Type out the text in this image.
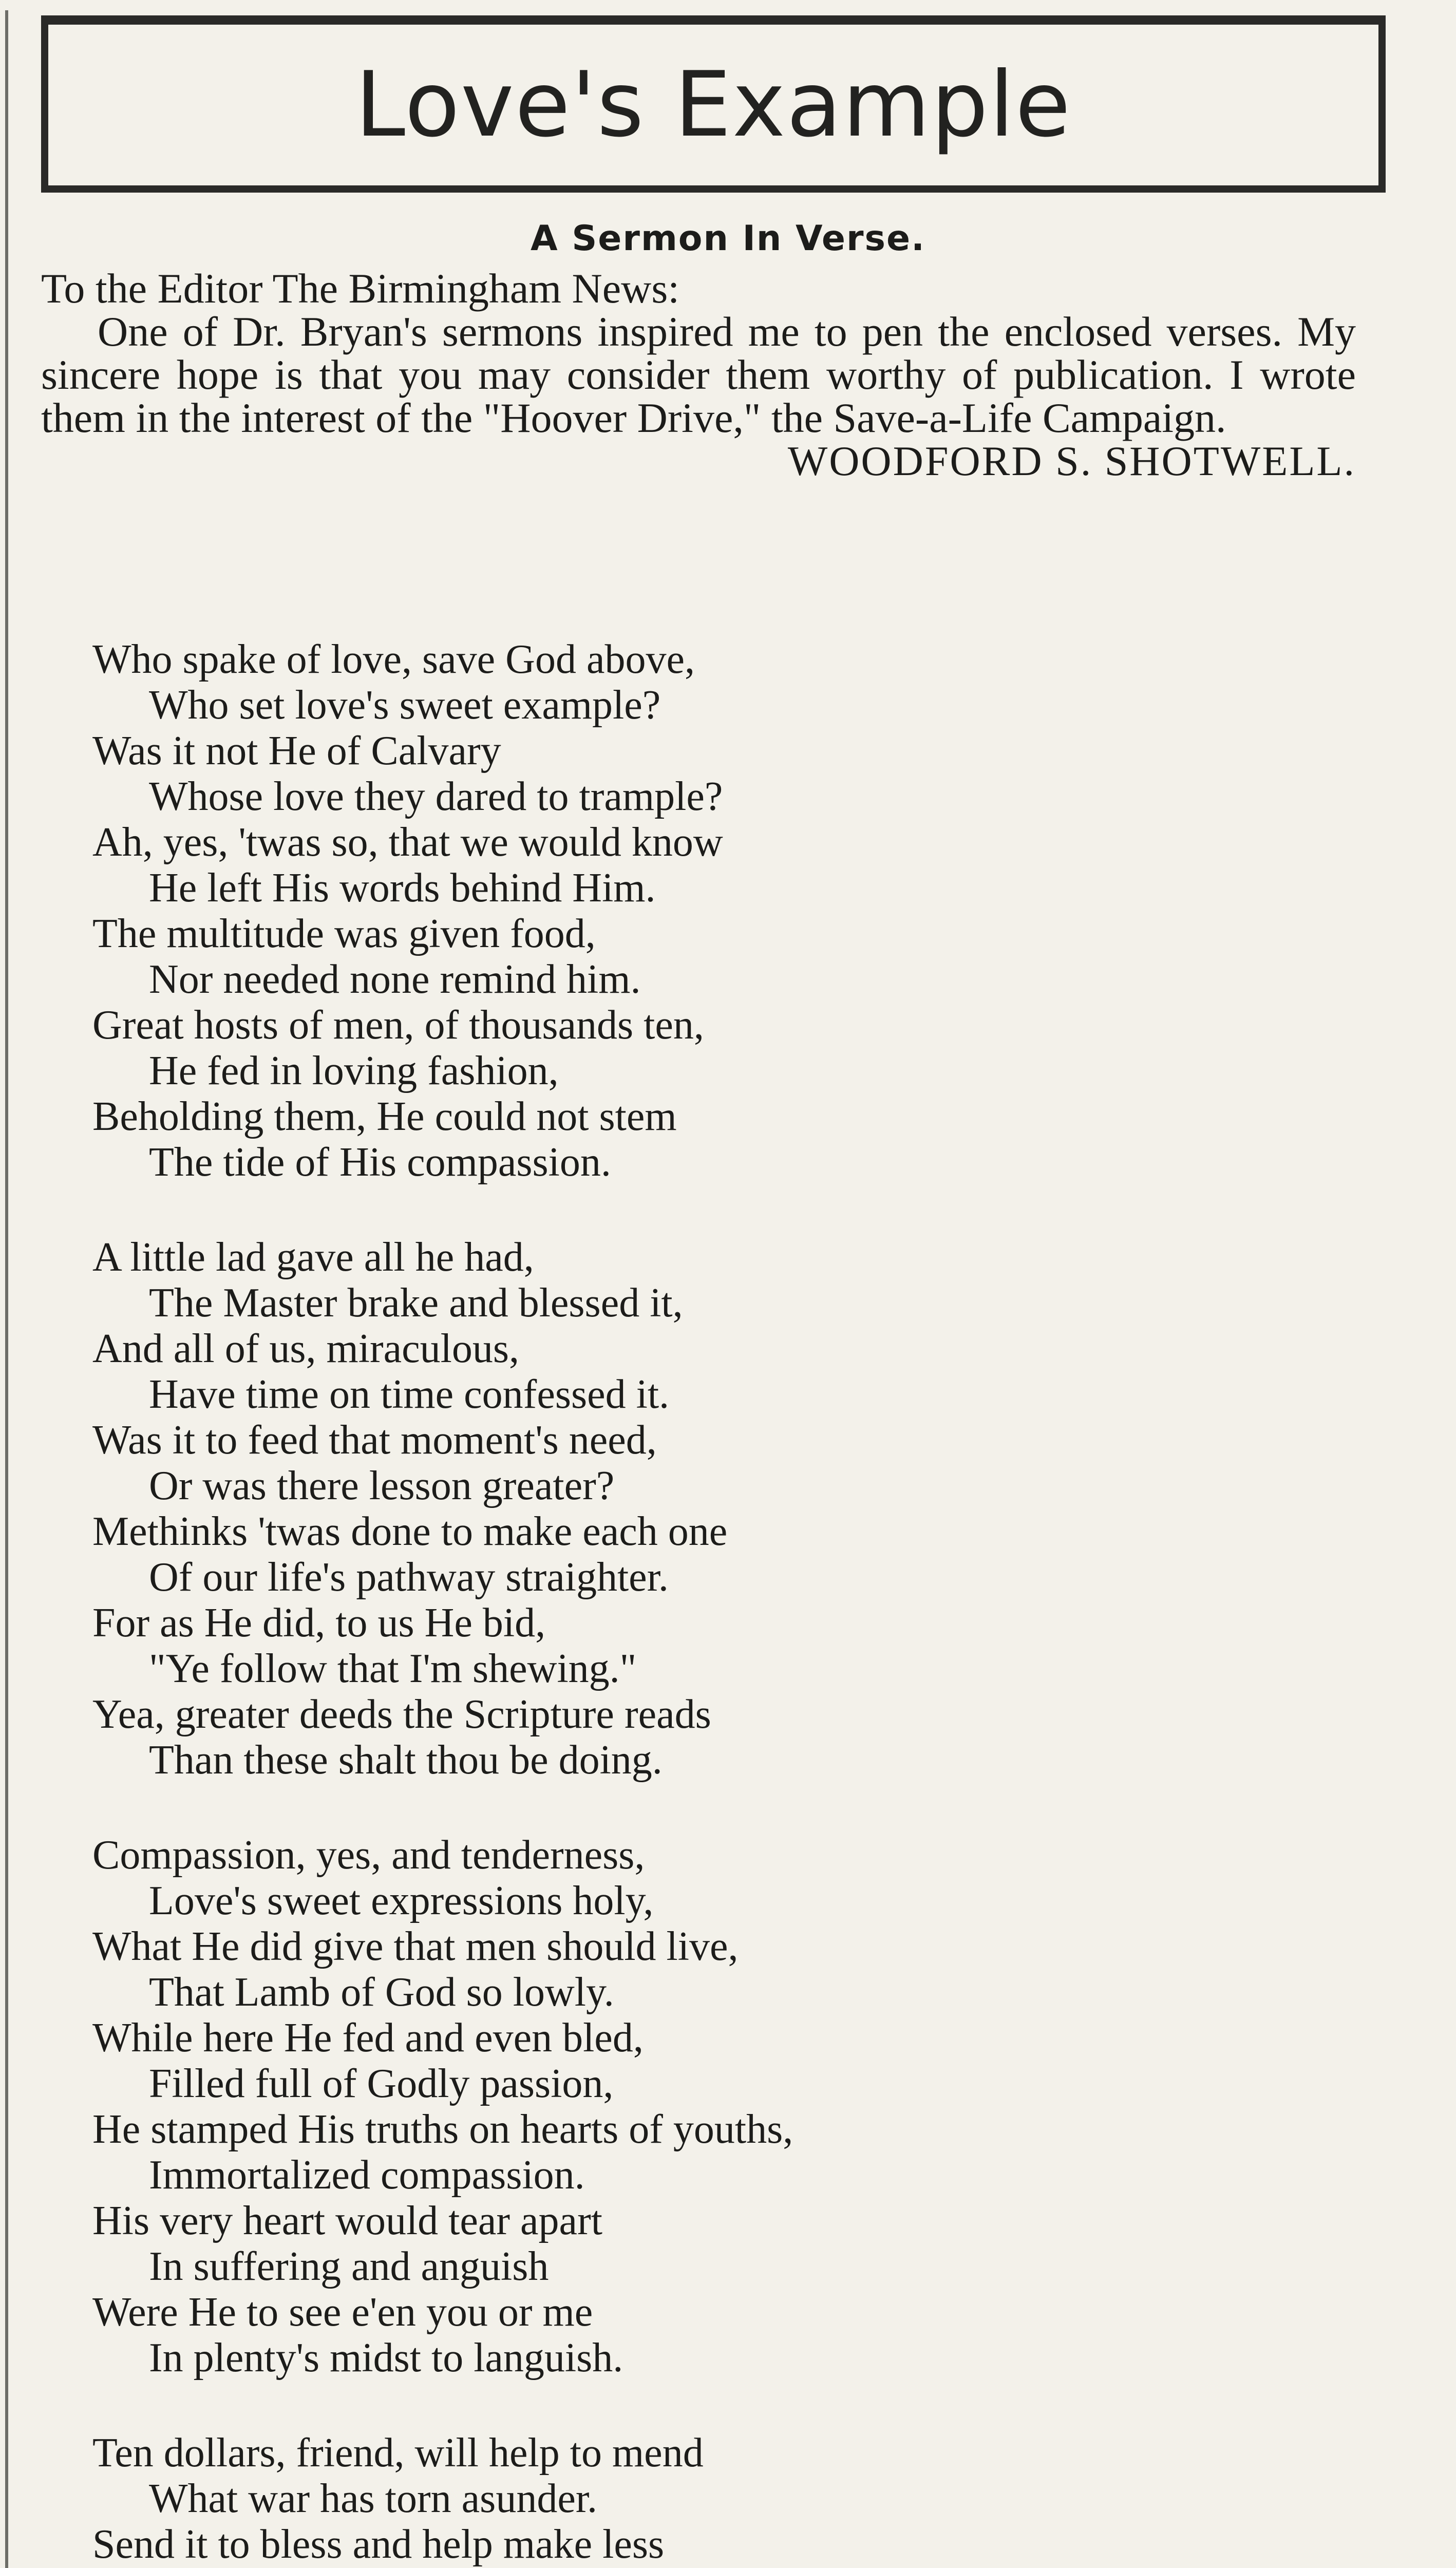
Love's Example
A Sermon In Verse.

To the Editor The Birmingham News:

One of Dr. Bryan's sermons inspired me to pen the enclosed verses. My sincere hope is that you may consider them worthy of publication. I wrote them in the interest of the "Hoover Drive," the Save-a-Life Campaign.

WOODFORD S. SHOTWELL.

Who spake of love, save God above,
Who set love's sweet example?
Was it not He of Calvary
Whose love they dared to trample?
Ah, yes, 'twas so, that we would know
He left His words behind Him.
The multitude was given food,
Nor needed none remind him.
Great hosts of men, of thousands ten,
He fed in loving fashion,
Beholding them, He could not stem
The tide of His compassion.
A little lad gave all he had,
The Master brake and blessed it,
And all of us, miraculous,
Have time on time confessed it.
Was it to feed that moment's need,
Or was there lesson greater?
Methinks 'twas done to make each one
Of our life's pathway straighter.
For as He did, to us He bid,
"Ye follow that I'm shewing."
Yea, greater deeds the Scripture reads
Than these shalt thou be doing.
Compassion, yes, and tenderness,
Love's sweet expressions holy,
What He did give that men should live,
That Lamb of God so lowly.
While here He fed and even bled,
Filled full of Godly passion,
He stamped His truths on hearts of youths,
Immortalized compassion.
His very heart would tear apart
In suffering and anguish
Were He to see e'en you or me
In plenty's midst to languish.
Ten dollars, friend, will help to mend
What war has torn asunder.
Send it to bless and help make less
